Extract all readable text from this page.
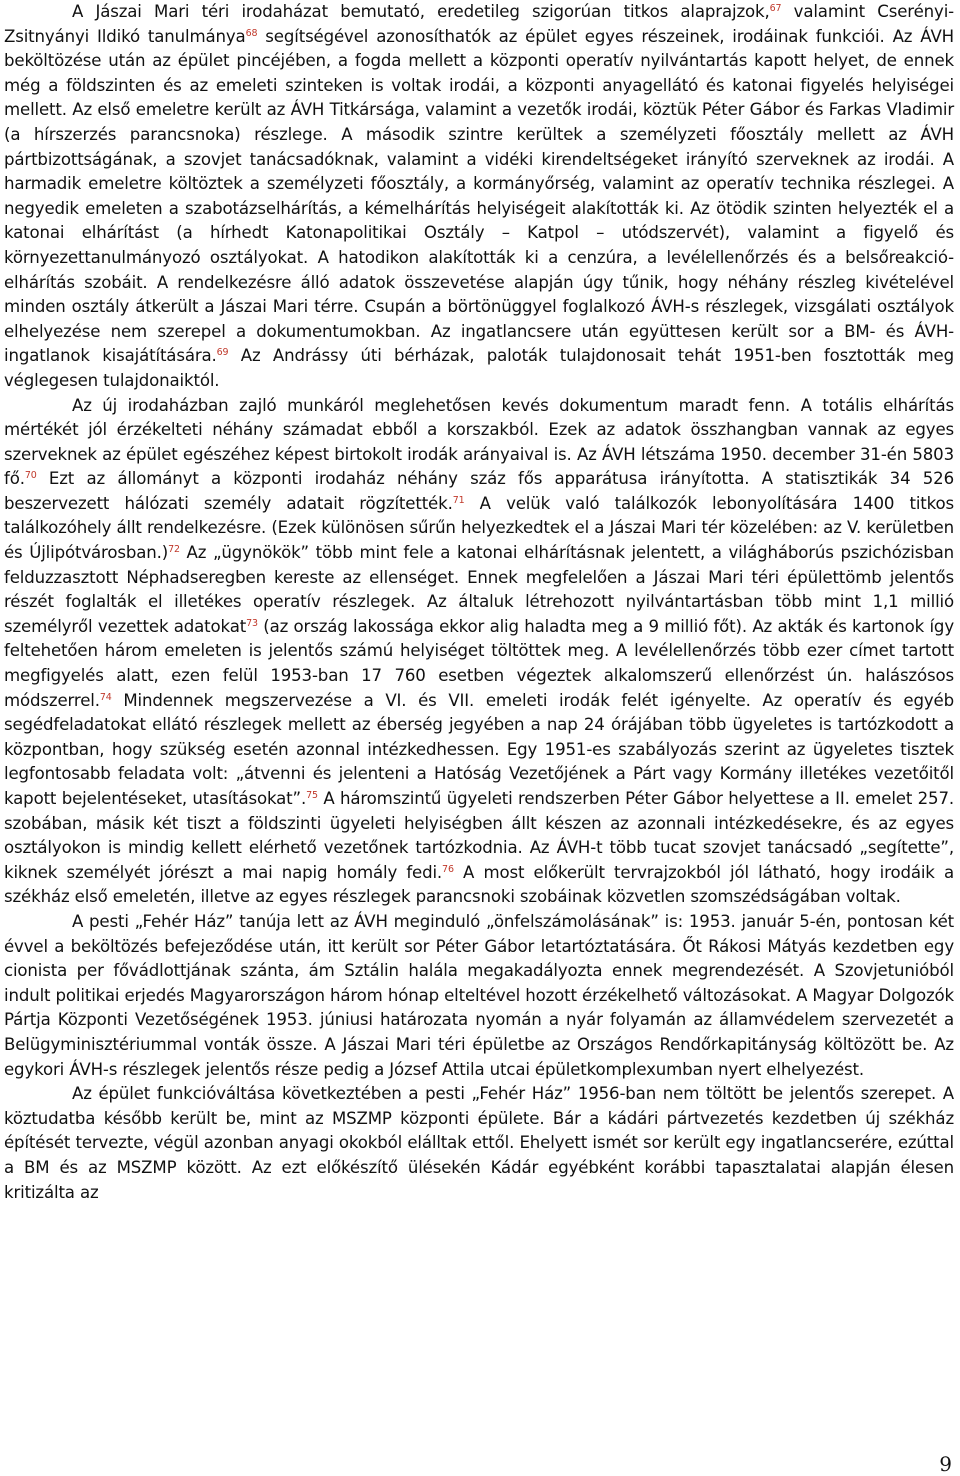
A Jászai Mari téri irodaházat bemutató, eredetileg szigorúan titkos alaprajzok,$^{67}$ valamint Cserényi-Zsitnyányi Ildikó tanulmánya$^{68}$ segítségével azonosíthatók az épület egyes részeinek, irodáinak funkciói. Az ÁVH beköltözése után az épület pincéjében, a fogda mellett a központi operatív nyilvántartás kapott helyet, de ennek még a földszinten és az emeleti szinteken is voltak irodái, a központi anyagellátó és katonai figyelés helyiségei mellett. Az első emeletre került az ÁVH Titkársága, valamint a vezetők irodái, köztük Péter Gábor és Farkas Vladimir (a hírszerzés parancsnoka) részlege. A második szintre kerültek a személyzeti főosztály mellett az ÁVH pártbizottságának, a szovjet tanácsadóknak, valamint a vidéki kirendeltségeket irányító szerveknek az irodái. A harmadik emeletre költöztek a személyzeti főosztály, a kormányőrség, valamint az operatív technika részlegei. A negyedik emeleten a szabotázselhárítás, a kémelhárítás helyiségeit alakították ki. Az ötödik szinten helyezték el a katonai elhárítást (a hírhedt Katonapolitikai Osztály – Katpol – utódszervét), valamint a figyelő és környezettanulmányozó osztályokat. A hatodikon alakították ki a cenzúra, a levélellenőrzés és a belsőreakció-elhárítás szobáit. A rendelkezésre álló adatok összevetése alapján úgy tűnik, hogy néhány részleg kivételével minden osztály átkerült a Jászai Mari térre. Csupán a börtönüggyel foglalkozó ÁVH-s részlegek, vizsgálati osztályok elhelyezése nem szerepel a dokumentumokban. Az ingatlancsere után együttesen került sor a BM- és ÁVH-ingatlanok kisajátítására.$^{69}$ Az Andrássy úti bérházak, paloták tulajdonosait tehát 1951-ben fosztották meg véglegesen tulajdonaiktól.

Az új irodaházban zajló munkáról meglehetősen kevés dokumentum maradt fenn. A totális elhárítás mértékét jól érzékelteti néhány számadat ebből a korszakból. Ezek az adatok összhangban vannak az egyes szerveknek az épület egészéhez képest birtokolt irodák arányaival is. Az ÁVH létszáma 1950. december 31-én 5803 fő.$^{70}$ Ezt az állományt a központi irodaház néhány száz fős apparátusa irányította. A statisztikák 34 526 beszervezett hálózati személy adatait rögzítették.$^{71}$ A velük való találkozók lebonyolítására 1400 titkos találkozóhely állt rendelkezésre. (Ezek különösen sűrűn helyezkedtek el a Jászai Mari tér közelében: az V. kerületben és Újlipótvárosban.)$^{72}$ Az „ügynökök” több mint fele a katonai elhárításnak jelentett, a világháborús pszichózisban felduzzasztott Néphadseregben kereste az ellenséget. Ennek megfelelően a Jászai Mari téri épülettömb jelentős részét foglalták el illetékes operatív részlegek. Az általuk létrehozott nyilvántartásban több mint 1,1 millió személyről vezettek adatokat$^{73}$ (az ország lakossága ekkor alig haladta meg a 9 millió főt). Az akták és kartonok így feltehetően három emeleten is jelentős számú helyiséget töltöttek meg. A levélellenőrzés több ezer címet tartott megfigyelés alatt, ezen felül 1953-ban 17 760 esetben végeztek alkalomszerű ellenőrzést ún. halászósos módszerrel.$^{74}$ Mindennek megszervezése a VI. és VII. emeleti irodák felét igényelte. Az operatív és egyéb segédfeladatokat ellátó részlegek mellett az éberség jegyében a nap 24 órájában több ügyeletes is tartózkodott a központban, hogy szükség esetén azonnal intézkedhessen. Egy 1951-es szabályozás szerint az ügyeletes tisztek legfontosabb feladata volt: „átvenni és jelenteni a Hatóság Vezetőjének a Párt vagy Kormány illetékes vezetőitől kapott bejelentéseket, utasításokat”.$^{75}$ A háromszintű ügyeleti rendszerben Péter Gábor helyettese a II. emelet 257. szobában, másik két tiszt a földszinti ügyeleti helyiségben állt készen az azonnali intézkedésekre, és az egyes osztályokon is mindig kellett elérhető vezetőnek tartózkodnia. Az ÁVH-t több tucat szovjet tanácsadó „segítette”, kiknek személyét jórészt a mai napig homály fedi.$^{76}$ A most előkerült tervrajzokból jól látható, hogy irodáik a székház első emeletén, illetve az egyes részlegek parancsnoki szobáinak közvetlen szomszédságában voltak.

A pesti „Fehér Ház” tanúja lett az ÁVH meginduló „önfelszámolásának” is: 1953. január 5-én, pontosan két évvel a beköltözés befejeződése után, itt került sor Péter Gábor letartóztatására. Őt Rákosi Mátyás kezdetben egy cionista per fővádlottjának szánta, ám Sztálin halála megakadályozta ennek megrendezését. A Szovjetunióból indult politikai erjedés Magyarországon három hónap elteltével hozott érzékelhető változásokat. A Magyar Dolgozók Pártja Központi Vezetőségének 1953. júniusi határozata nyomán a nyár folyamán az államvédelem szervezetét a Belügyminisztériummal vonták össze. A Jászai Mari téri épületbe az Országos Rendőrkapitányság költözött be. Az egykori ÁVH-s részlegek jelentős része pedig a József Attila utcai épületkomplexumban nyert elhelyezést.

Az épület funkcióváltása következtében a pesti „Fehér Ház” 1956-ban nem töltött be jelentős szerepet. A köztudatba később került be, mint az MSZMP központi épülete. Bár a kádári pártvezetés kezdetben új székház építését tervezte, végül azonban anyagi okokból elálltak ettől. Ehelyett ismét sor került egy ingatlancserére, ezúttal a BM és az MSZMP között. Az ezt előkészítő ülésekén Kádár egyébként korábbi tapasztalatai alapján élesen kritizálta az

9
